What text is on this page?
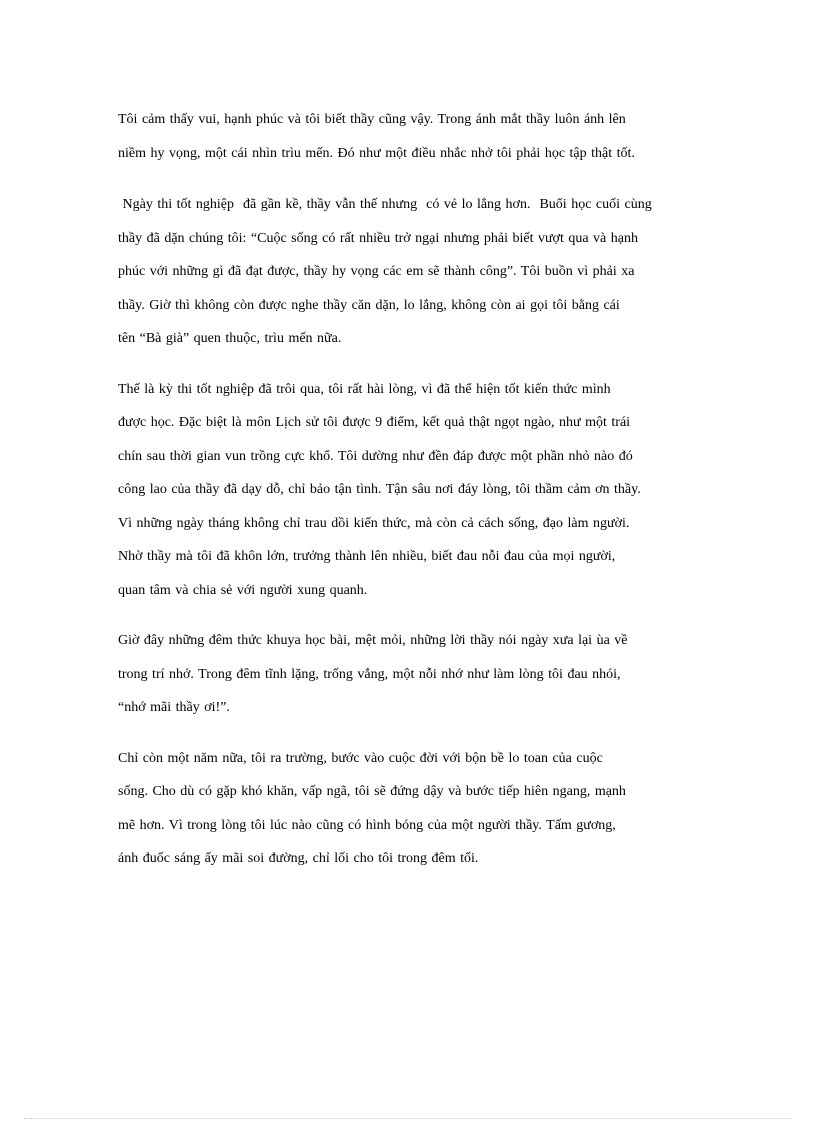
Tôi cảm thấy vui, hạnh phúc và tôi biết thầy cũng vậy. Trong ánh mắt thầy luôn ánh lên
niềm hy vọng, một cái nhìn trìu mến. Đó như một điều nhắc nhở tôi phải học tập thật tốt.

Ngày thi tốt nghiệp  đã gần kề, thầy vẫn thế nhưng  có vẻ lo lắng hơn.  Buổi học cuối cùng
thầy đã dặn chúng tôi: “Cuộc sống có rất nhiều trở ngại nhưng phải biết vượt qua và hạnh
phúc với những gì đã đạt được, thầy hy vọng các em sẽ thành công”. Tôi buồn vì phải xa
thầy. Giờ thì không còn được nghe thầy căn dặn, lo lắng, không còn ai gọi tôi bằng cái
tên “Bà già” quen thuộc, trìu mến nữa.

Thế là kỳ thi tốt nghiệp đã trôi qua, tôi rất hài lòng, vì đã thể hiện tốt kiến thức mình
được học. Đặc biệt là môn Lịch sử tôi được 9 điểm, kết quả thật ngọt ngào, như một trái
chín sau thời gian vun trồng cực khổ. Tôi dường như đền đáp được một phần nhỏ nào đó
công lao của thầy đã dạy dỗ, chỉ bảo tận tình. Tận sâu nơi đáy lòng, tôi thầm cảm ơn thầy.
Vì những ngày tháng không chỉ trau dồi kiến thức, mà còn cả cách sống, đạo làm người.
Nhờ thầy mà tôi đã khôn lớn, trưởng thành lên nhiều, biết đau nỗi đau của mọi người,
quan tâm và chia sẻ với người xung quanh.

Giờ đây những đêm thức khuya học bài, mệt mỏi, những lời thầy nói ngày xưa lại ùa về
trong trí nhớ. Trong đêm tĩnh lặng, trống vắng, một nỗi nhớ như làm lòng tôi đau nhói,
“nhớ mãi thầy ơi!”.

Chỉ còn một năm nữa, tôi ra trường, bước vào cuộc đời với bộn bề lo toan của cuộc
sống. Cho dù có gặp khó khăn, vấp ngã, tôi sẽ đứng dậy và bước tiếp hiên ngang, mạnh
mẽ hơn. Vì trong lòng tôi lúc nào cũng có hình bóng của một người thầy. Tấm gương,
ánh đuốc sáng ấy mãi soi đường, chỉ lối cho tôi trong đêm tối.
